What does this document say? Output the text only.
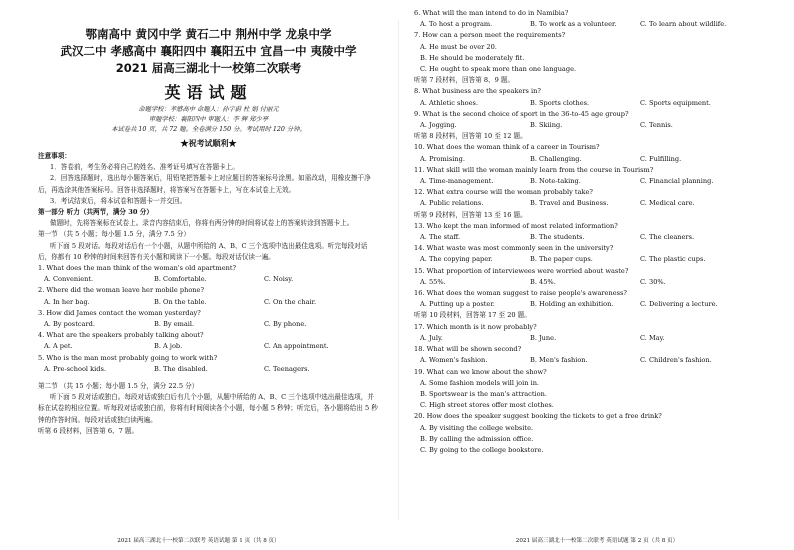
鄂南高中 黄冈中学 黄石二中 荆州中学 龙泉中学
武汉二中 孝感高中 襄阳四中 襄阳五中 宜昌一中 夷陵中学
2021 届高三湖北十一校第二次联考
英语试题
命题学校：孝感高中 命题人：孙宇蔚 杜 娟 付丽元
审题学校：襄阳四中 审题人：李 辉 郑少亭
本试卷共 10 页，共 72 题。全卷满分 150 分。考试用时 120 分钟。
★祝考试顺利★
注意事项：
1．答卷前，考生务必将自己的姓名、准考证号填写在答题卡上。
2．回答选择题时，选出每小题答案后，用铅笔把答题卡上对应题目的答案标号涂黑。如需改动，用橡皮擦干净后，再选涂其他答案标号。回答非选择题时，将答案写在答题卡上，写在本试卷上无效。
3．考试结束后，将本试卷和答题卡一并交回。
第一部分 听力（共两节，满分 30 分）
做题时，先将答案标在试卷上。录音内容结束后，你将有两分钟的时间将试卷上的答案转涂到答题卡上。
第一节 （共 5 小题；每小题 1.5 分，满分 7.5 分）
听下面 5 段对话。每段对话后有一个小题，从题中所给的 A、B、C 三个选项中选出最佳选项。听完每段对话后，你都有 10 秒钟的时间来回答有关小题和阅读下一小题。每段对话仅读一遍。
1. What does the man think of the woman's old apartment?
A. Convenient.	B. Comfortable.	C. Noisy.
2. Where did the woman leave her mobile phone?
A. In her bag.	B. On the table.	C. On the chair.
3. How did James contact the woman yesterday?
A. By postcard.	B. By email.	C. By phone.
4. What are the speakers probably talking about?
A. A pet.	B. A job.	C. An appointment.
5. Who is the man most probably going to work with?
A. Pre-school kids.	B. The disabled.	C. Teenagers.
第二节 （共 15 小题；每小题 1.5 分，满分 22.5 分）
听下面 5 段对话或独白。每段对话或独白后有几个小题，从题中所给的 A、B、C 三个选项中选出最佳选项，并标在试卷的相应位置。听每段对话或独白前，你将有时间阅读各个小题，每小题 5 秒钟；听完后，各小题将给出 5 秒钟的作答时间。每段对话或独白读两遍。
听第 6 段材料，回答第 6、7 题。
2021 届高三湖北十一校第二次联考 英语试题 第 1 页（共 8 页）
6. What will the man intend to do in Namibia?
A. To host a program.	B. To work as a volunteer.	C. To learn about wildlife.
7. How can a person meet the requirements?
A. He must be over 20.
B. He should be moderately fit.
C. He ought to speak more than one language.
听第 7 段材料，回答第 8、9 题。
8. What business are the speakers in?
A. Athletic shoes.	B. Sports clothes.	C. Sports equipment.
9. What is the second choice of sport in the 36-to-45 age group?
A. Jogging.	B. Skiing.	C. Tennis.
听第 8 段材料，回答第 10 至 12 题。
10. What does the woman think of a career in Tourism?
A. Promising.	B. Challenging.	C. Fulfilling.
11. What skill will the woman mainly learn from the course in Tourism?
A. Time-management.	B. Note-taking.	C. Financial planning.
12. What extra course will the woman probably take?
A. Public relations.	B. Travel and Business.	C. Medical care.
听第 9 段材料，回答第 13 至 16 题。
13. Who kept the man informed of most related information?
A. The staff.	B. The students.	C. The cleaners.
14. What waste was most commonly seen in the university?
A. The copying paper.	B. The paper cups.	C. The plastic cups.
15. What proportion of interviewees were worried about waste?
A. 55%.	B. 45%.	C. 30%.
16. What does the woman suggest to raise people's awareness?
A. Putting up a poster.	B. Holding an exhibition.	C. Delivering a lecture.
听第 10 段材料，回答第 17 至 20 题。
17. Which month is it now probably?
A. July.	B. June.	C. May.
18. What will be shown second?
A. Women's fashion.	B. Men's fashion.	C. Children's fashion.
19. What can we know about the show?
A. Some fashion models will join in.
B. Sportswear is the man's attraction.
C. High street stores offer most clothes.
20. How does the speaker suggest booking the tickets to get a free drink?
A. By visiting the college website.
B. By calling the admission office.
C. By going to the college bookstore.
2021 届高三湖北十一校第二次联考 英语试题 第 2 页（共 8 页）
